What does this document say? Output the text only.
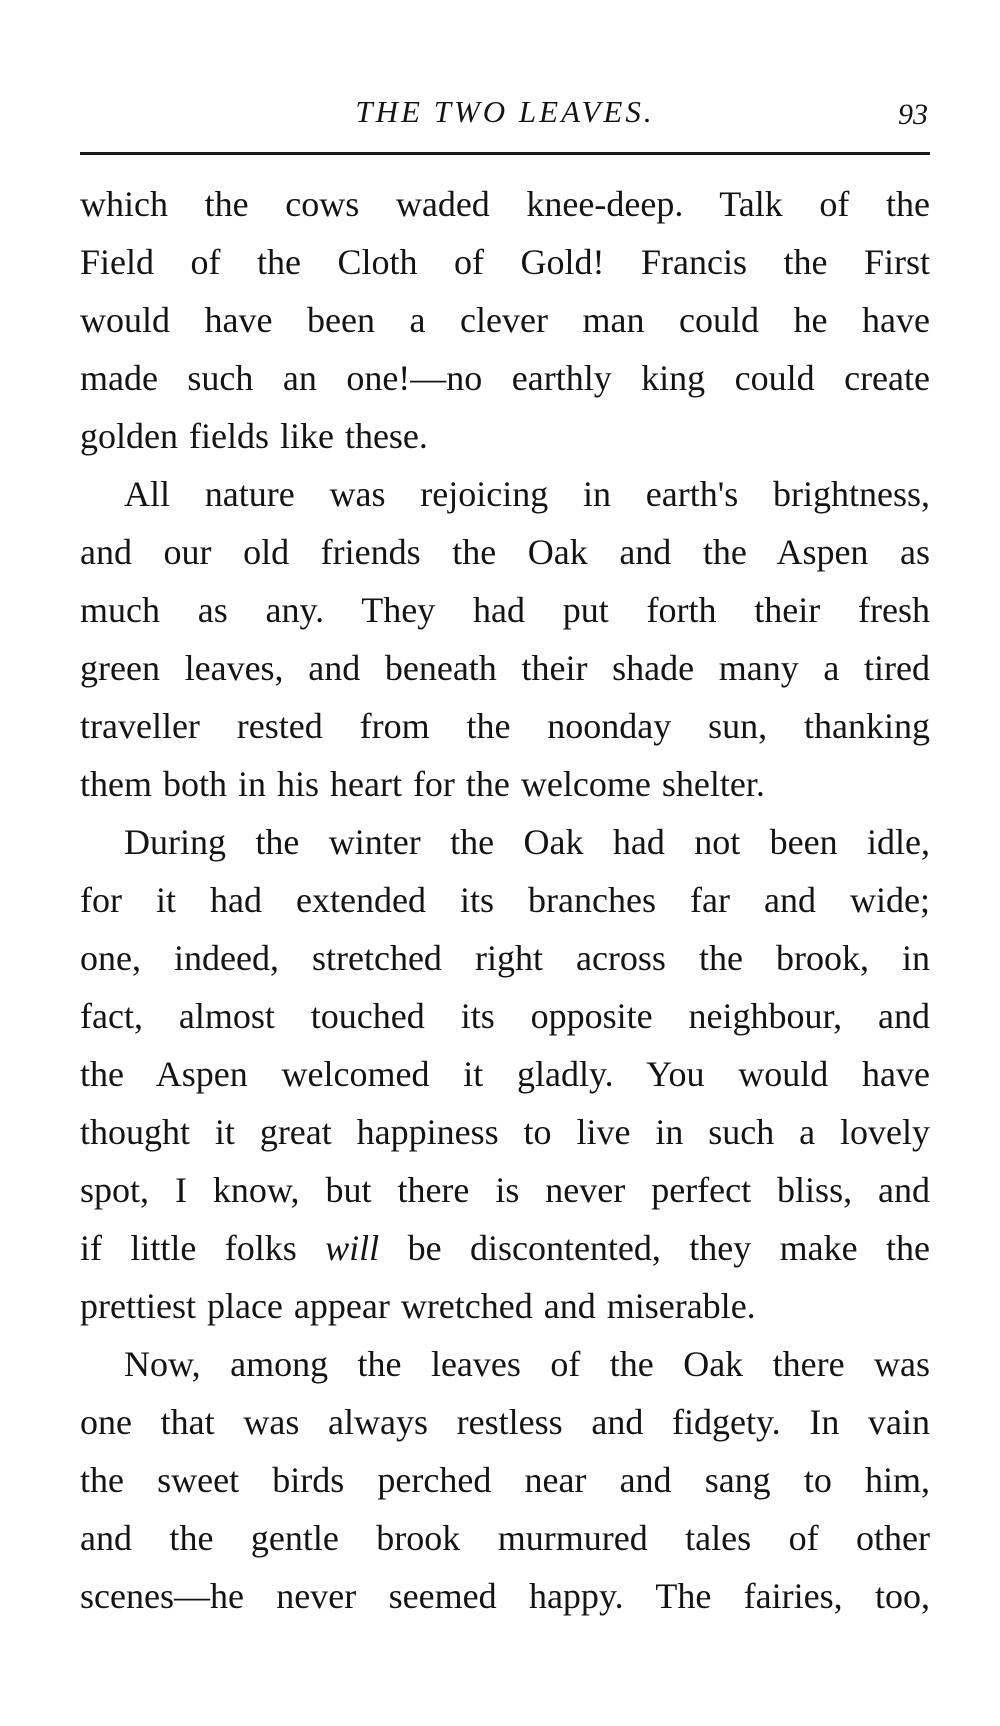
THE TWO LEAVES.	93
which the cows waded knee-deep. Talk of the
Field of the Cloth of Gold! Francis the First
would have been a clever man could he have
made such an one!—no earthly king could create
golden fields like these.
All nature was rejoicing in earth's brightness,
and our old friends the Oak and the Aspen as
much as any. They had put forth their fresh
green leaves, and beneath their shade many a tired
traveller rested from the noonday sun, thanking
them both in his heart for the welcome shelter.
During the winter the Oak had not been idle,
for it had extended its branches far and wide;
one, indeed, stretched right across the brook, in
fact, almost touched its opposite neighbour, and
the Aspen welcomed it gladly. You would have
thought it great happiness to live in such a lovely
spot, I know, but there is never perfect bliss, and
if little folks will be discontented, they make the
prettiest place appear wretched and miserable.
Now, among the leaves of the Oak there was
one that was always restless and fidgety. In vain
the sweet birds perched near and sang to him,
and the gentle brook murmured tales of other
scenes—he never seemed happy. The fairies, too,
